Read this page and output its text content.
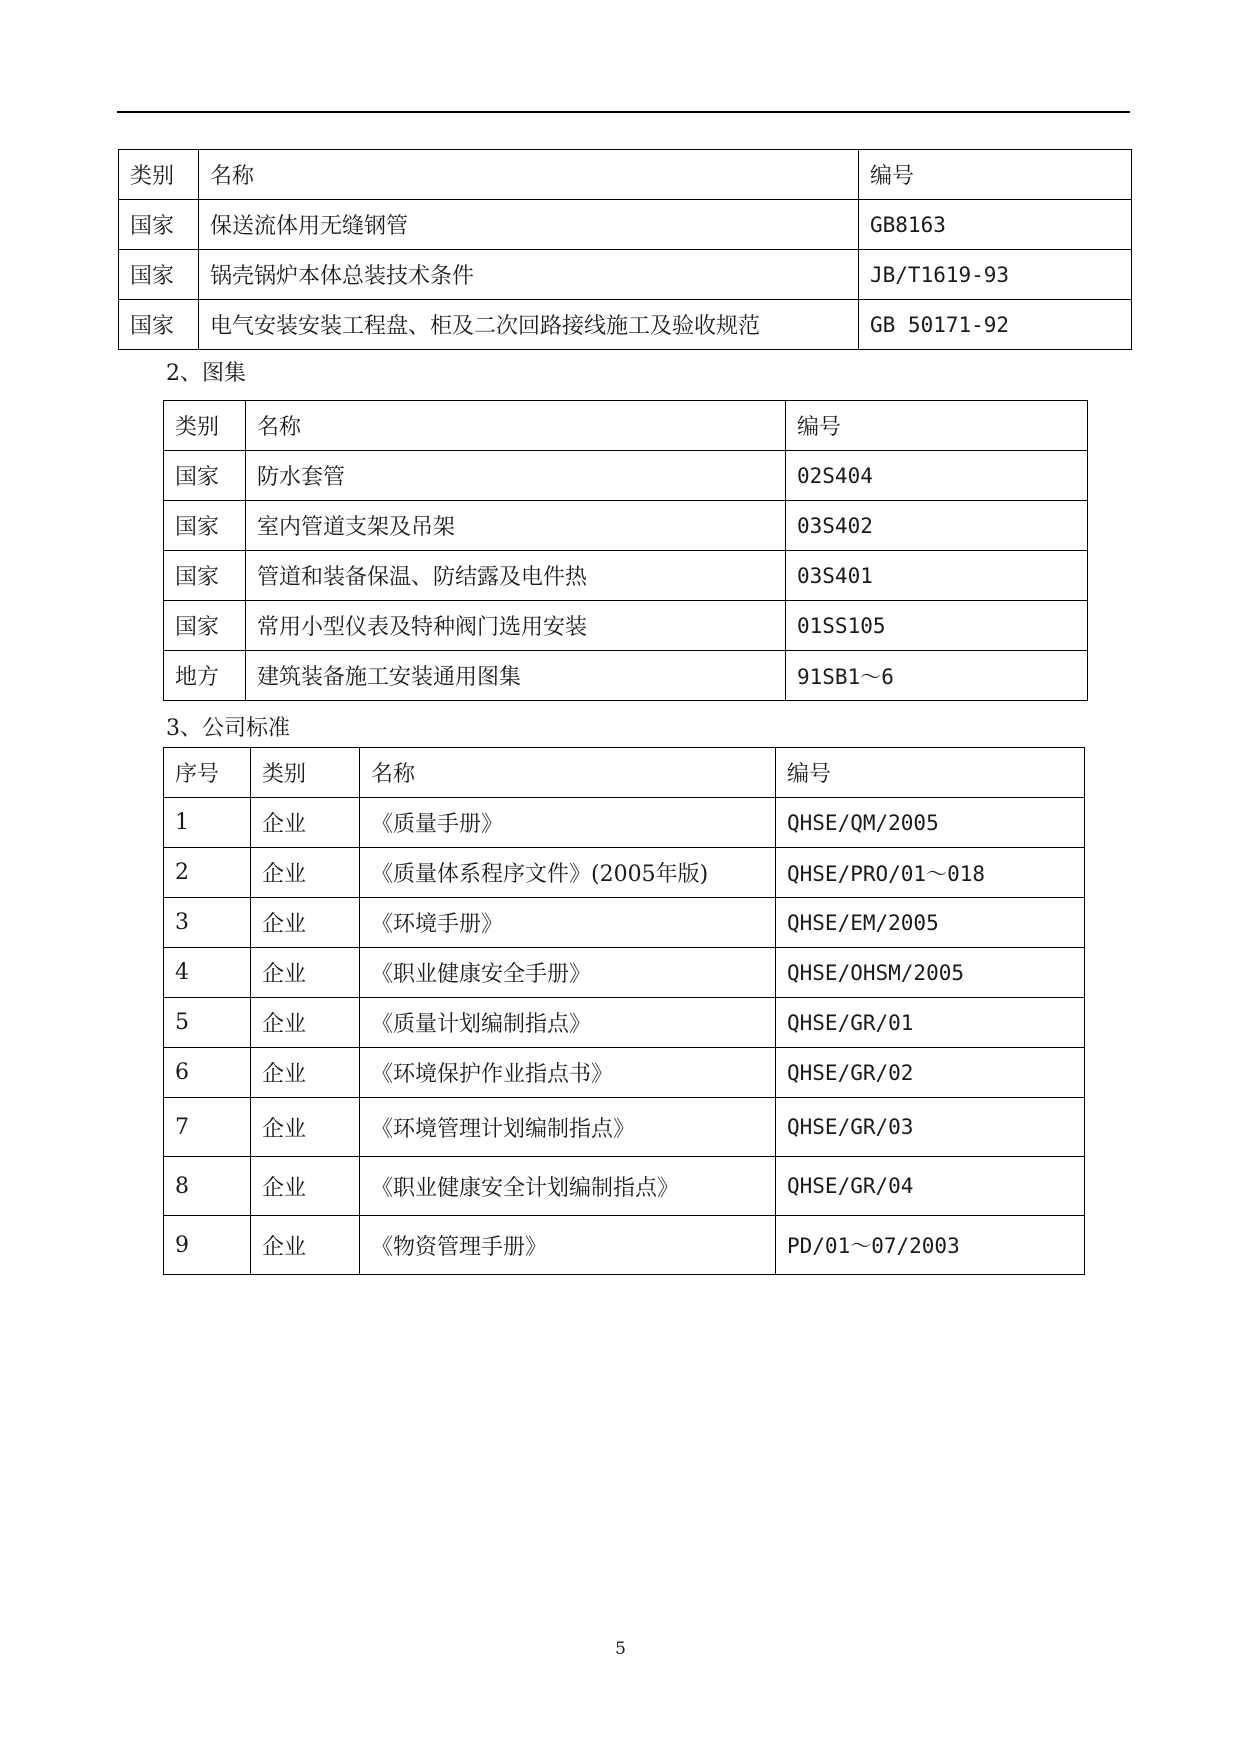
类别	名称	编号
国家	保送流体用无缝钢管	GB8163
国家	锅壳锅炉本体总装技术条件	JB/T1619-93
国家	电气安装安装工程盘、柜及二次回路接线施工及验收规范	GB 50171-92
2、图集
类别	名称	编号
国家	防水套管	02S404
国家	室内管道支架及吊架	03S402
国家	管道和装备保温、防结露及电件热	03S401
国家	常用小型仪表及特种阀门选用安装	01SS105
地方	建筑装备施工安装通用图集	91SB1～6
3、公司标准
序号	类别	名称	编号
1	企业	《质量手册》	QHSE/QM/2005
2	企业	《质量体系程序文件》(2005年版)	QHSE/PRO/01～018
3	企业	《环境手册》	QHSE/EM/2005
4	企业	《职业健康安全手册》	QHSE/OHSM/2005
5	企业	《质量计划编制指点》	QHSE/GR/01
6	企业	《环境保护作业指点书》	QHSE/GR/02
7	企业	《环境管理计划编制指点》	QHSE/GR/03
8	企业	《职业健康安全计划编制指点》	QHSE/GR/04
9	企业	《物资管理手册》	PD/01～07/2003
5
